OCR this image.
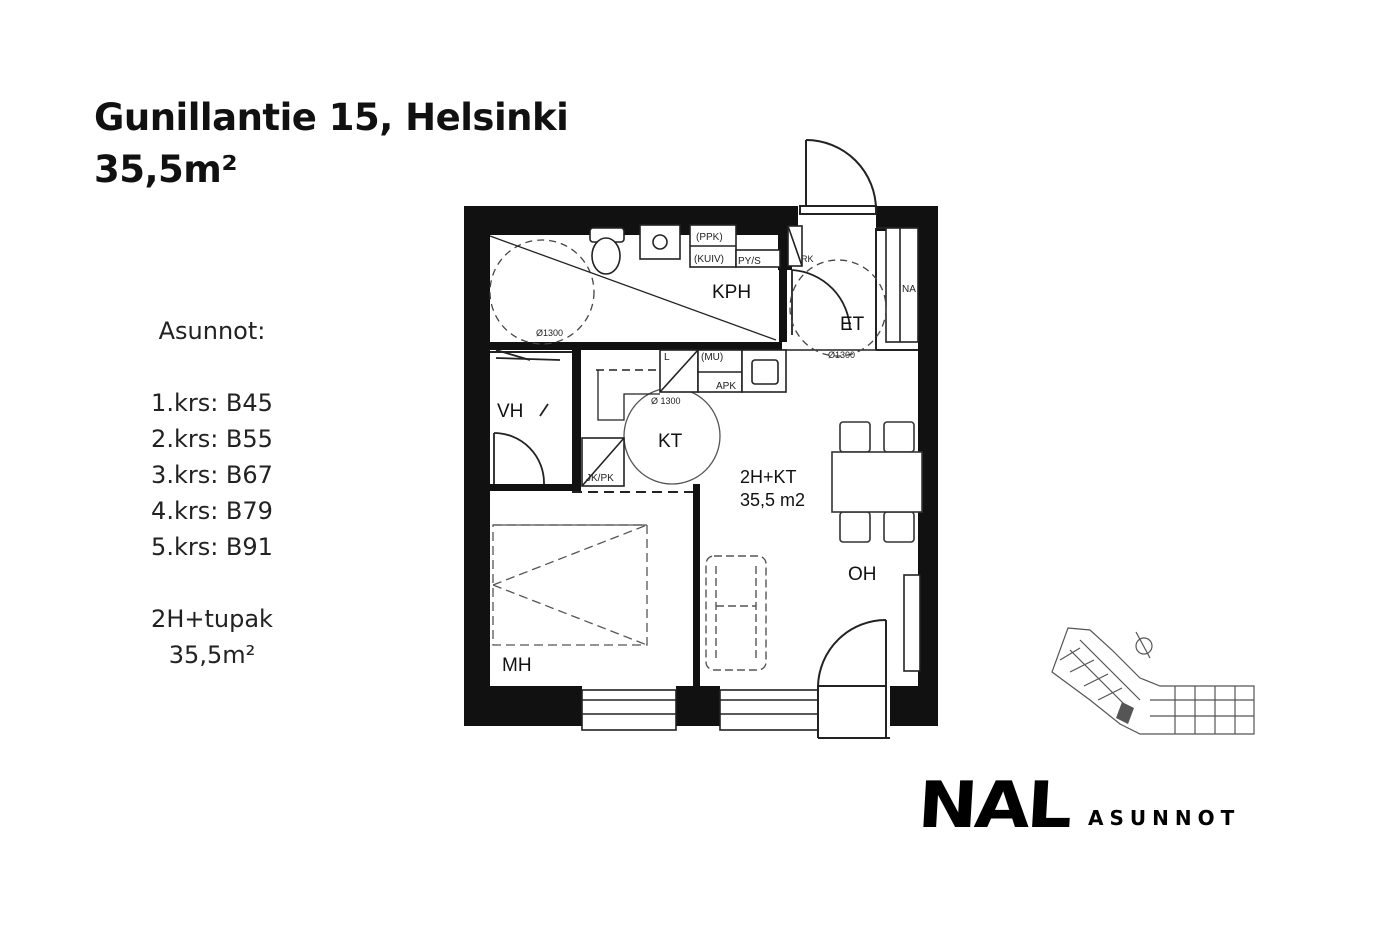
Gunillantie 15, Helsinki
35,5m²
Asunnot:
1.krs: B45
2.krs: B55
3.krs: B67
4.krs: B79
5.krs: B91
2H+tupak
35,5m²
KPH
ET
VH
KT
MH
OH
2H+KT
35,5 m2
(PPK)
(KUIV) PY/S	RK
NA
L	(MU)
APK
JK/PK
Ø1300
Ø1300
Ø 1300
NAL ASUNNOT
